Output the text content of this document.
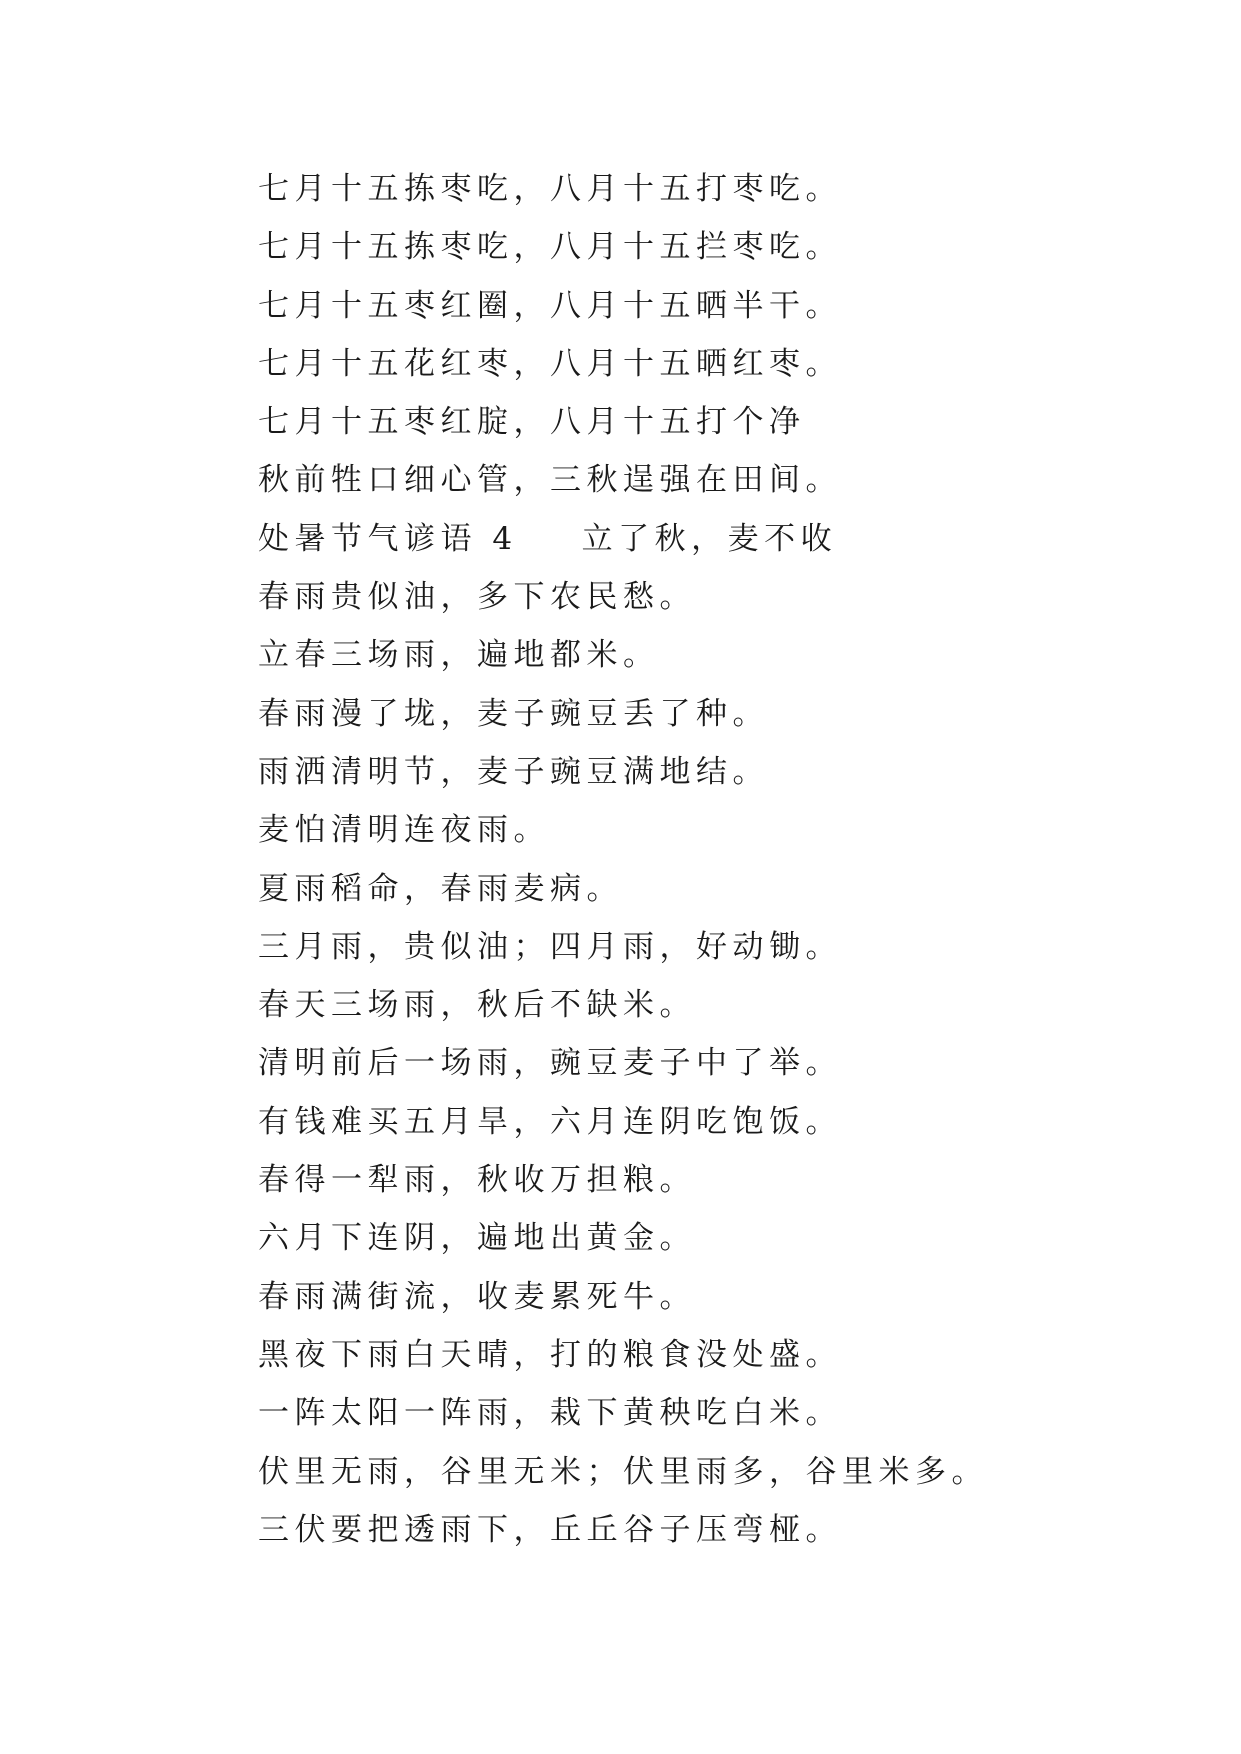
七月十五拣枣吃，八月十五打枣吃。
七月十五拣枣吃，八月十五拦枣吃。
七月十五枣红圈，八月十五晒半干。
七月十五花红枣，八月十五晒红枣。
七月十五枣红腚，八月十五打个净
秋前牲口细心管，三秋逞强在田间。
处暑节气谚语 4 立了秋，麦不收
春雨贵似油，多下农民愁。
立春三场雨，遍地都米。
春雨漫了垅，麦子豌豆丢了种。
雨洒清明节，麦子豌豆满地结。
麦怕清明连夜雨。
夏雨稻命，春雨麦病。
三月雨，贵似油；四月雨，好动锄。
春天三场雨，秋后不缺米。
清明前后一场雨，豌豆麦子中了举。
有钱难买五月旱，六月连阴吃饱饭。
春得一犁雨，秋收万担粮。
六月下连阴，遍地出黄金。
春雨满街流，收麦累死牛。
黑夜下雨白天晴，打的粮食没处盛。
一阵太阳一阵雨，栽下黄秧吃白米。
伏里无雨，谷里无米；伏里雨多，谷里米多。
三伏要把透雨下，丘丘谷子压弯桠。
